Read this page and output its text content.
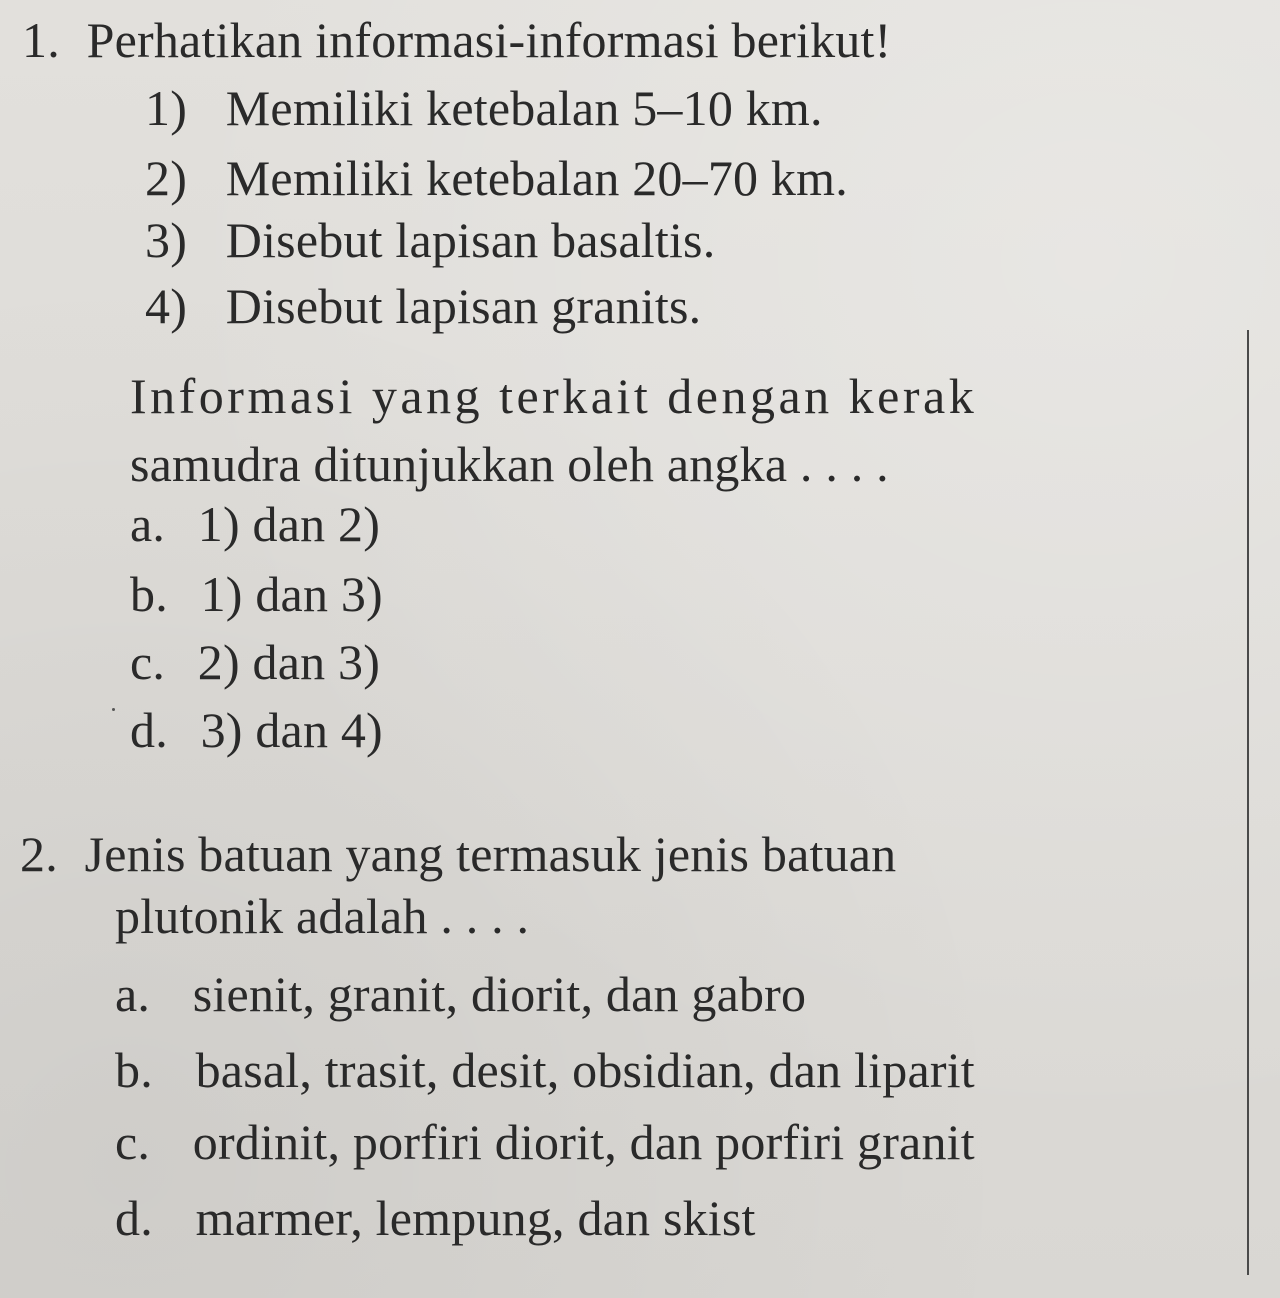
1. Perhatikan informasi-informasi berikut!
1) Memiliki ketebalan 5–10 km.
2) Memiliki ketebalan 20–70 km.
3) Disebut lapisan basaltis.
4) Disebut lapisan granits.
Informasi yang terkait dengan kerak
samudra ditunjukkan oleh angka . . . .
a. 1) dan 2)
b. 1) dan 3)
c. 2) dan 3)
d. 3) dan 4)
2. Jenis batuan yang termasuk jenis batuan
plutonik adalah . . . .
a. sienit, granit, diorit, dan gabro
b. basal, trasit, desit, obsidian, dan liparit
c. ordinit, porfiri diorit, dan porfiri granit
d. marmer, lempung, dan skist
